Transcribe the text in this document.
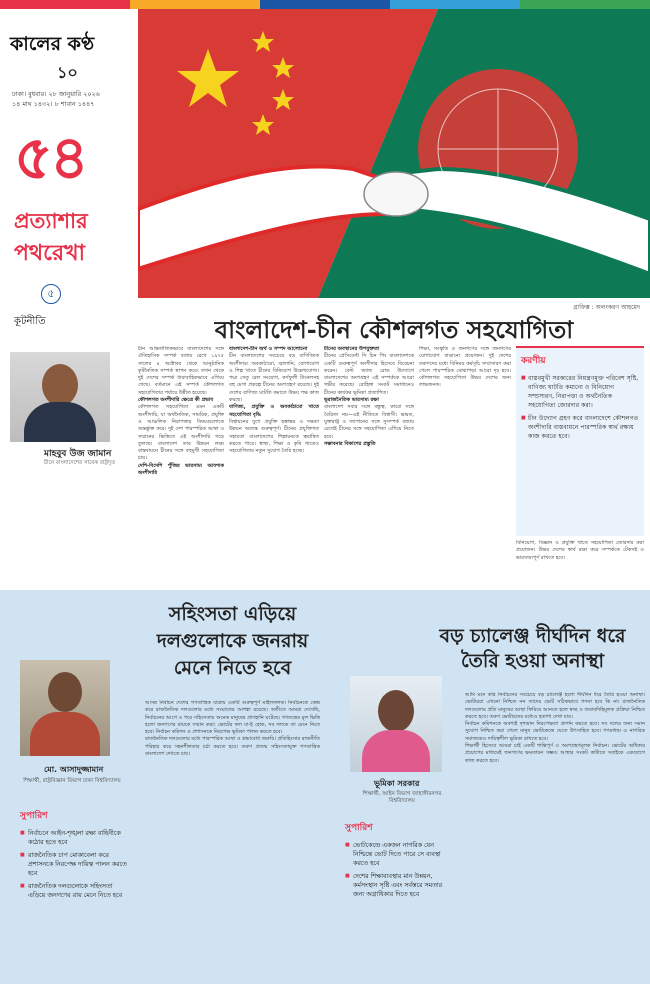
কালের কণ্ঠ
১০
ঢাকা। বুধবার। ২৮ জানুয়ারি ২০২৬
১৪ মাঘ ১৪৩২। ৮ শাবান ১৪৪৭
৫৪
প্রত্যাশার
পথরেখা
৫
কূটনীতি
গ্রাফিক্স : অলংকরণ আহমেদ
বাংলাদেশ-চীন কৌশলগত সহযোগিতা
মাহবুব উজ জামান
চীনে বাংলাদেশের সাবেক রাষ্ট্রদূত

চীন আন্তর্জাতিকভাবে বাংলাদেশের সঙ্গে ঐতিহাসিক সম্পর্ক বজায় রেখে ১৯৭৫ সালের ৪ অক্টোবর থেকে আনুষ্ঠানিক কূটনৈতিক সম্পর্ক স্থাপন করে। তখন থেকে দুই দেশের সম্পর্ক ধারাবাহিকভাবে এগিয়ে গেছে। বর্তমানে এই সম্পর্ক কৌশলগত সহযোগিতার পর্যায়ে উন্নীত হয়েছে।

কৌশলগত অংশীদারি ক্ষেত্রে কী প্রভাব

কৌশলগত সহযোগিতা এমন একটি অংশীদারি, যা অর্থনৈতিক, সামরিক, প্রযুক্তি ও আঞ্চলিক নিরাপত্তার বিষয়গুলোকে অন্তর্ভুক্ত করে। দুই দেশ পারস্পরিক আস্থা ও সম্মানের ভিত্তিতে এই অংশীদারি গড়ে তুলছে। বাংলাদেশ তার উন্নয়ন লক্ষ্য বাস্তবায়নে চীনের সঙ্গে বহুমুখী সহযোগিতা চায়।

দেশি-বিদেশি পুঁজির ভারসাম্য আবশ্যক অংশীদারি

বাংলাদেশ-চীন অর্থ ও সম্পদ আলোচনা

চীন বাংলাদেশের সবচেয়ে বড় বাণিজ্যিক অংশীদার। অবকাঠামো, জ্বালানি, যোগাযোগ ও শিল্প খাতে চীনের বিনিয়োগ উল্লেখযোগ্য। পদ্মা সেতু রেল সংযোগ, কর্ণফুলী টানেলসহ বহু মেগা প্রকল্পে চীনের অংশগ্রহণ রয়েছে। দুই দেশের বাণিজ্য ঘাটতি কমাতে উভয় পক্ষ কাজ করছে।

বাণিজ্য, প্রযুক্তি ও অবকাঠামো খাতে সহযোগিতা বৃদ্ধি

বিশ্বায়নের যুগে প্রযুক্তি হস্তান্তর ও দক্ষতা উন্নয়ন অত্যন্ত গুরুত্বপূর্ণ। চীনের প্রযুক্তিগত সহায়তা বাংলাদেশের শিল্পায়নকে ত্বরান্বিত করতে পারে। স্বাস্থ্য, শিক্ষা ও কৃষি খাতেও সহযোগিতার নতুন সুযোগ তৈরি হচ্ছে।

চীনের অবস্থানের উপযুক্ততা

চীনের প্রেসিডেন্ট সি চিন পিং বাংলাদেশকে একটি গুরুত্বপূর্ণ অংশীদার হিসেবে বিবেচনা করেন। বেল্ট অ্যান্ড রোড উদ্যোগে বাংলাদেশের অংশগ্রহণ এই সম্পর্ককে আরো গভীর করেছে। রোহিঙ্গা সংকট সমাধানেও চীনের কার্যকর ভূমিকা প্রত্যাশিত।

ভূরাজনৈতিক ভারসাম্য রক্ষা

বাংলাদেশ সবার সঙ্গে বন্ধুত্ব, কারো সঙ্গে বৈরিতা নয়—এই নীতিতে বিশ্বাসী। ভারত, যুক্তরাষ্ট্র ও জাপানের সঙ্গে সুসম্পর্ক বজায় রেখেই চীনের সঙ্গে সহযোগিতা এগিয়ে নিতে হবে।

সম্ভাবনার বিকাশের প্রস্তুতি

শিক্ষা, সংস্কৃতি ও জনগণের সঙ্গে জনগণের যোগাযোগ বাড়ানো প্রয়োজন। দুই দেশের তরুণদের মধ্যে বিনিময় কর্মসূচি সম্প্রসারণ করা গেলে পারস্পরিক বোঝাপড়া আরো দৃঢ় হবে। কৌশলগত সহযোগিতা উভয় দেশের জন্য লাভজনক।

করণীয়
■ বাস্তবমুখী সরকারের নিয়ন্ত্রণমুক্ত পরিবেশ সৃষ্টি, বাণিজ্য ঘাটতি কমানো ও বিনিয়োগ সম্প্রসারণ, নিরাপত্তা ও অর্থনৈতিক সহযোগিতা জোরদার করা।
■ চীন উদ্যোগ গ্রহণ করে বাংলাদেশে কৌশলগত অংশীদারি বাস্তবায়নে পারস্পরিক স্বার্থ রক্ষায় কাজ করতে হবে।

বিনিয়োগ, বিজ্ঞান ও প্রযুক্তি খাতে সহযোগিতা জোরদার করা প্রয়োজন। উভয় দেশের স্বার্থ রক্ষা করে সম্পর্ককে টেকসই ও ভারসাম্যপূর্ণ রাখতে হবে।

সহিংসতা এড়িয়ে দলগুলোকে জনরায় মেনে নিতে হবে
মো. আসাদুজ্জামান
শিক্ষার্থী, রাষ্ট্রবিজ্ঞান বিভাগ ঢাকা বিশ্ববিদ্যালয়

আসন্ন নির্বাচন দেশের গণতান্ত্রিক যাত্রায় একটি গুরুত্বপূর্ণ মাইলফলক। নির্বাচনকে কেন্দ্র করে রাজনৈতিক দলগুলোর মধ্যে সংঘাতের আশঙ্কা রয়েছে। অতীতে আমরা দেখেছি, নির্বাচনের আগে ও পরে সহিংসতায় অনেক মানুষের প্রাণহানি ঘটেছে। গণতন্ত্রের মূল ভিত্তি হলো জনগণের রায়কে সম্মান করা। ভোটের ফল যা-ই হোক, সব দলকে তা মেনে নিতে হবে। নির্বাচন কমিশন ও প্রশাসনকে নিরপেক্ষ ভূমিকা পালন করতে হবে।

রাজনৈতিক দলগুলোর মধ্যে পারস্পরিক আস্থা ও শ্রদ্ধাবোধ জরুরি। প্রতিহিংসার রাজনীতি পরিহার করে সহনশীলতার চর্চা করতে হবে। তরুণ প্রজন্ম সহিংসতামুক্ত গণতান্ত্রিক বাংলাদেশ দেখতে চায়।

সুপারিশ
■ নির্বাচনে আইন-শৃঙ্খলা রক্ষা বাহিনীকে কঠোর হতে হবে
■ রাজনৈতিক চাপ মোকাবেলা করে প্রশাসনকে নিরপেক্ষ দায়িত্ব পালন করতে হবে
■ রাজনৈতিক দলগুলোকে সহিংসতা এড়িয়ে জনগণের রায় মেনে নিতে হবে
বড় চ্যালেঞ্জ দীর্ঘদিন ধরে তৈরি হওয়া অনাস্থা
ভূমিকা সরকার
শিক্ষার্থী, আইন বিভাগ জাহাঙ্গীরনগর বিশ্ববিদ্যালয়
সুপারিশ
■ ভোটকেন্দ্রে একজন নাগরিক যেন নিশ্চিন্তে ভোট দিতে পারে সে ব্যবস্থা করতে হবে
■ দেশের শিক্ষাব্যবস্থার মান উন্নয়ন, কর্মসংস্থান সৃষ্টি এবং সর্বস্তরে সমতার জন্য অগ্রাধিকার দিতে হবে

আমি মনে করি নির্বাচনের সবচেয়ে বড় চ্যালেঞ্জ হলো দীর্ঘদিন ধরে তৈরি হওয়া অনাস্থা। ভোটাররা এখনো নিশ্চিত নন তাদের ভোট সঠিকভাবে গণনা হবে কি না। রাজনৈতিক দলগুলোর প্রতি মানুষের আস্থা ফিরিয়ে আনতে হলে স্বচ্ছ ও জবাবদিহিমূলক প্রক্রিয়া নিশ্চিত করতে হবে। তরুণ ভোটারদের মধ্যেও হতাশা দেখা যায়।

নির্বাচন কমিশনকে অবশ্যই দৃশ্যমান নিরপেক্ষতা প্রদর্শন করতে হবে। সব দলের জন্য সমান সুযোগ নিশ্চিত করা গেলে মানুষ ভোটকেন্দ্রে যেতে উৎসাহিত হবে। গণমাধ্যম ও নাগরিক সমাজকেও দায়িত্বশীল ভূমিকা রাখতে হবে।

শিক্ষার্থী হিসেবে আমরা চাই একটি শান্তিপূর্ণ ও অংশগ্রহণমূলক নির্বাচন। ভোটের অধিকার প্রয়োগের মাধ্যমেই জনগণের ক্ষমতায়ন সম্ভব। আস্থার সংকট কাটাতে সবাইকে একযোগে কাজ করতে হবে।
